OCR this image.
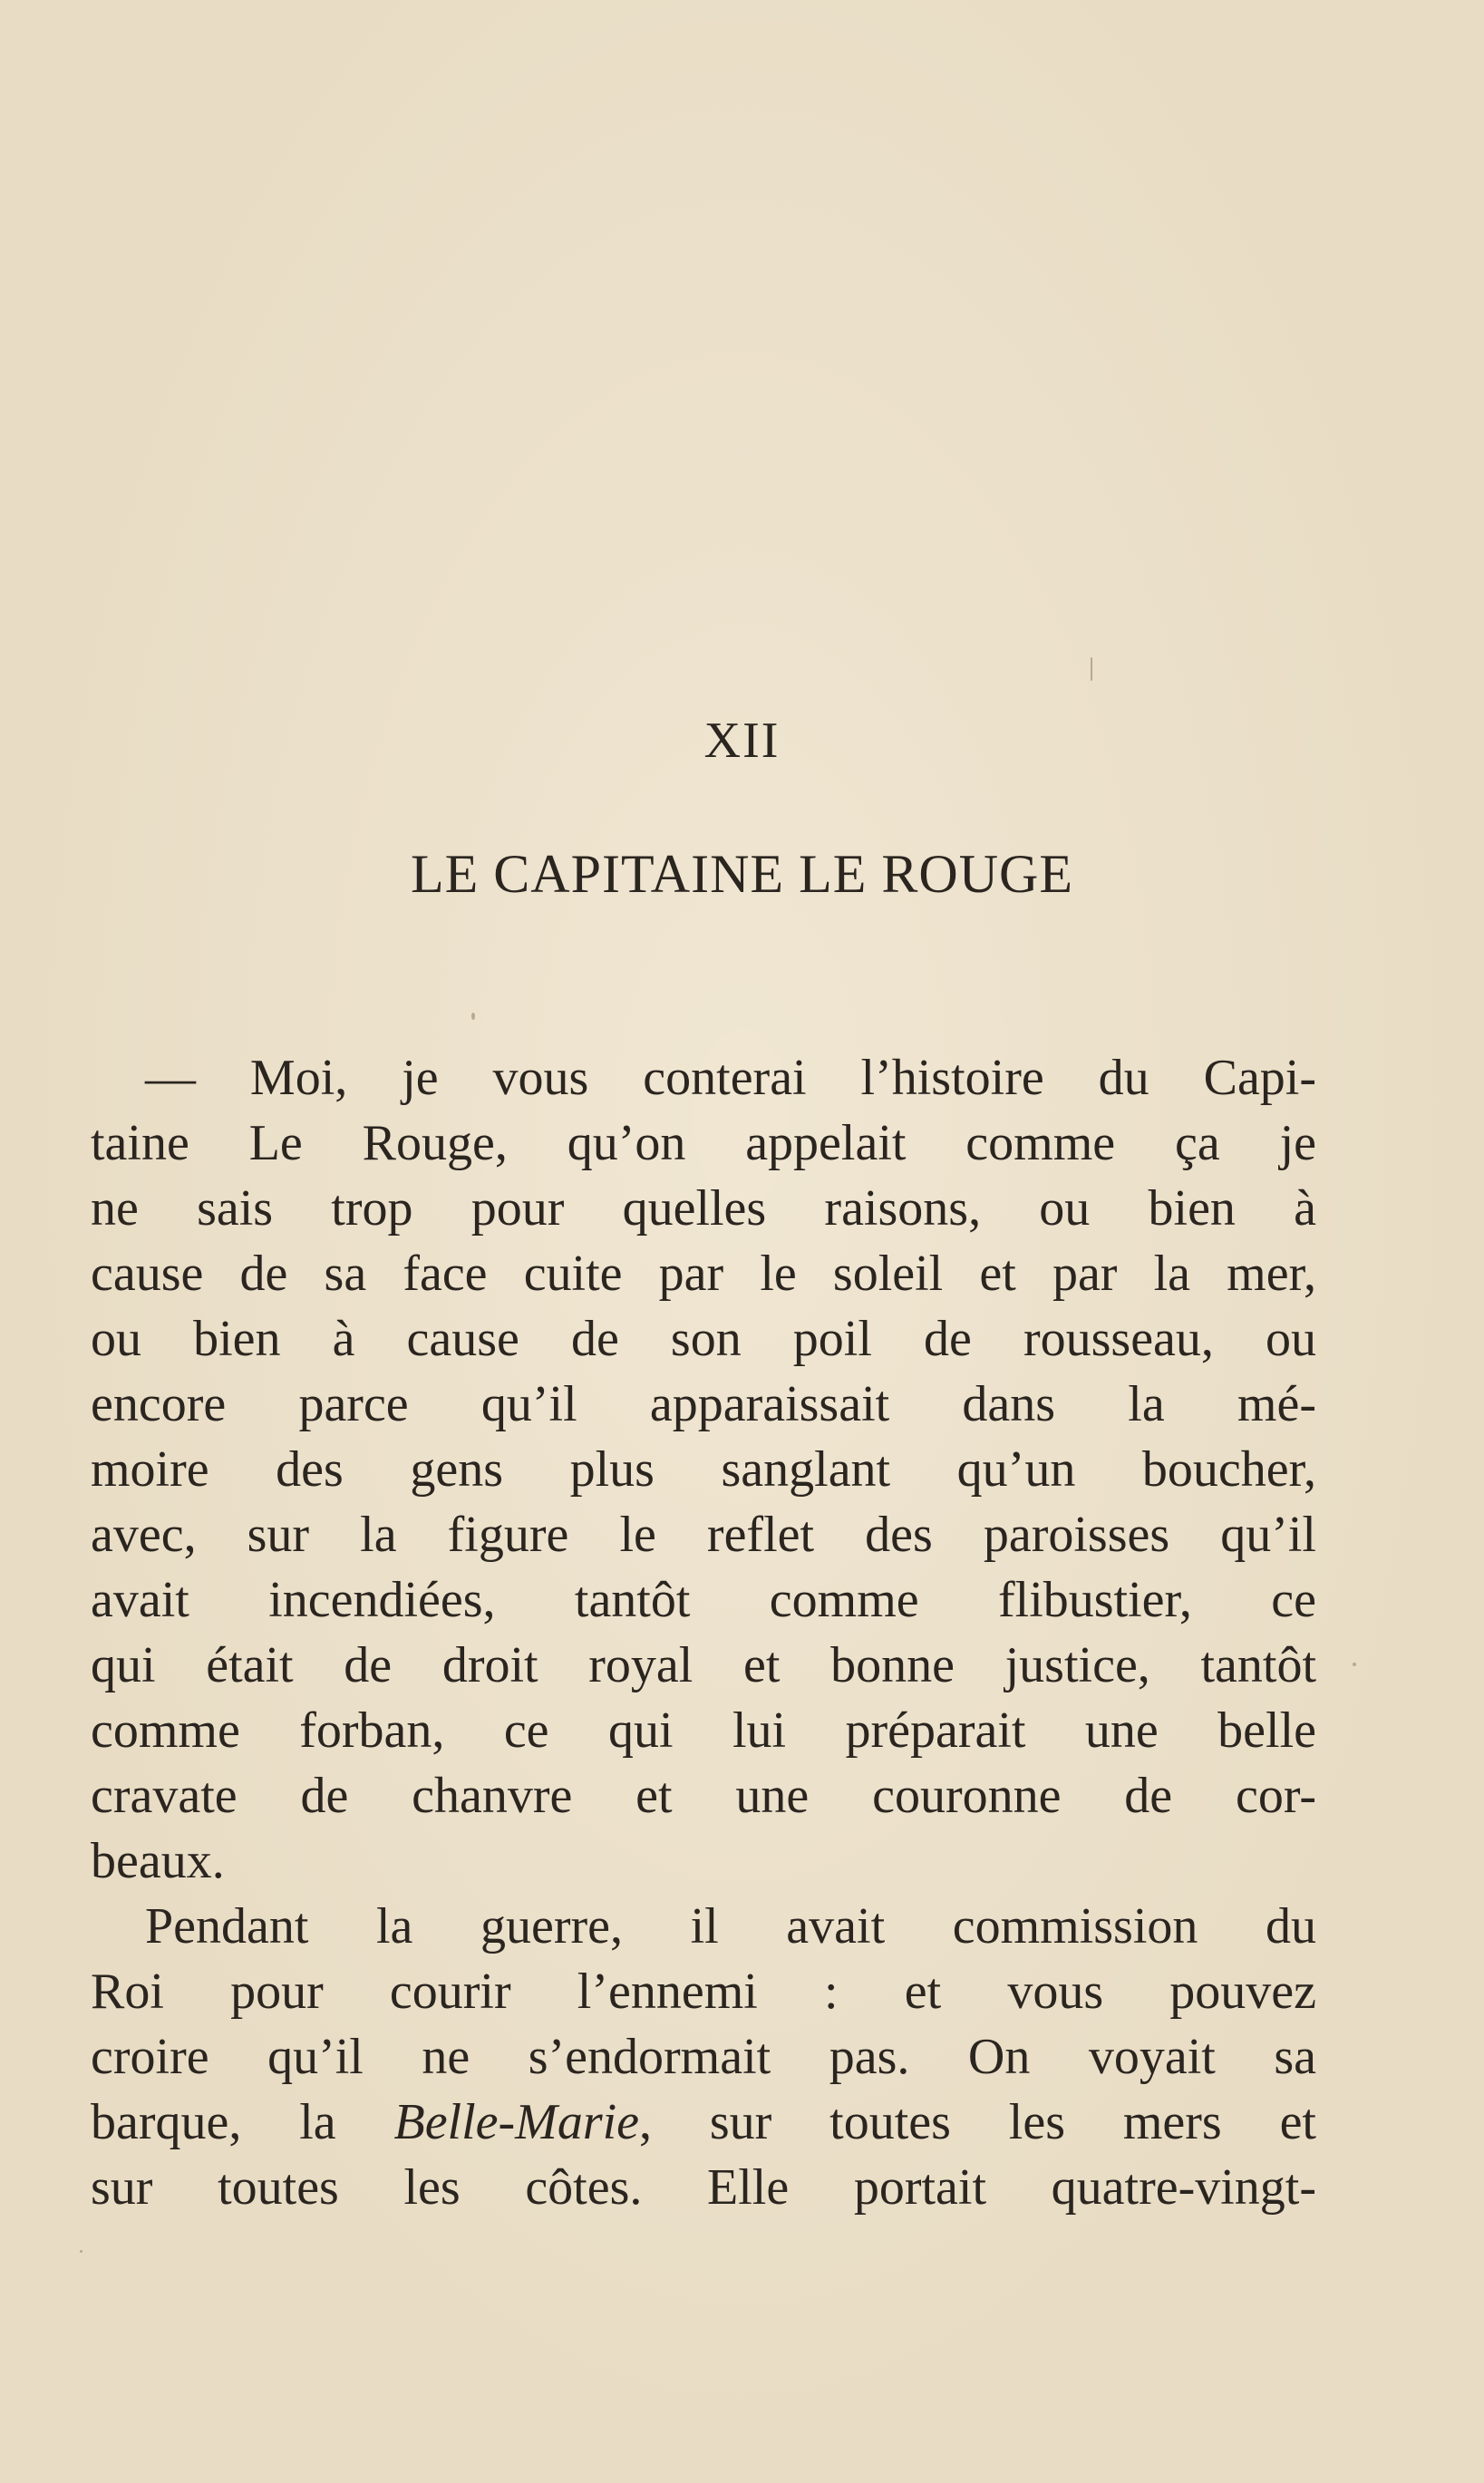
XII
LE CAPITAINE LE ROUGE
— Moi, je vous conterai l’histoire du Capi-
taine Le Rouge, qu’on appelait comme ça je
ne sais trop pour quelles raisons, ou bien à
cause de sa face cuite par le soleil et par la mer,
ou bien à cause de son poil de rousseau, ou
encore parce qu’il apparaissait dans la mé-
moire des gens plus sanglant qu’un boucher,
avec, sur la figure le reflet des paroisses qu’il
avait incendiées, tantôt comme flibustier, ce
qui était de droit royal et bonne justice, tantôt
comme forban, ce qui lui préparait une belle
cravate de chanvre et une couronne de cor-
beaux.
Pendant la guerre, il avait commission du
Roi pour courir l’ennemi : et vous pouvez
croire qu’il ne s’endormait pas. On voyait sa
barque, la Belle-Marie, sur toutes les mers et
sur toutes les côtes. Elle portait quatre-vingt-
